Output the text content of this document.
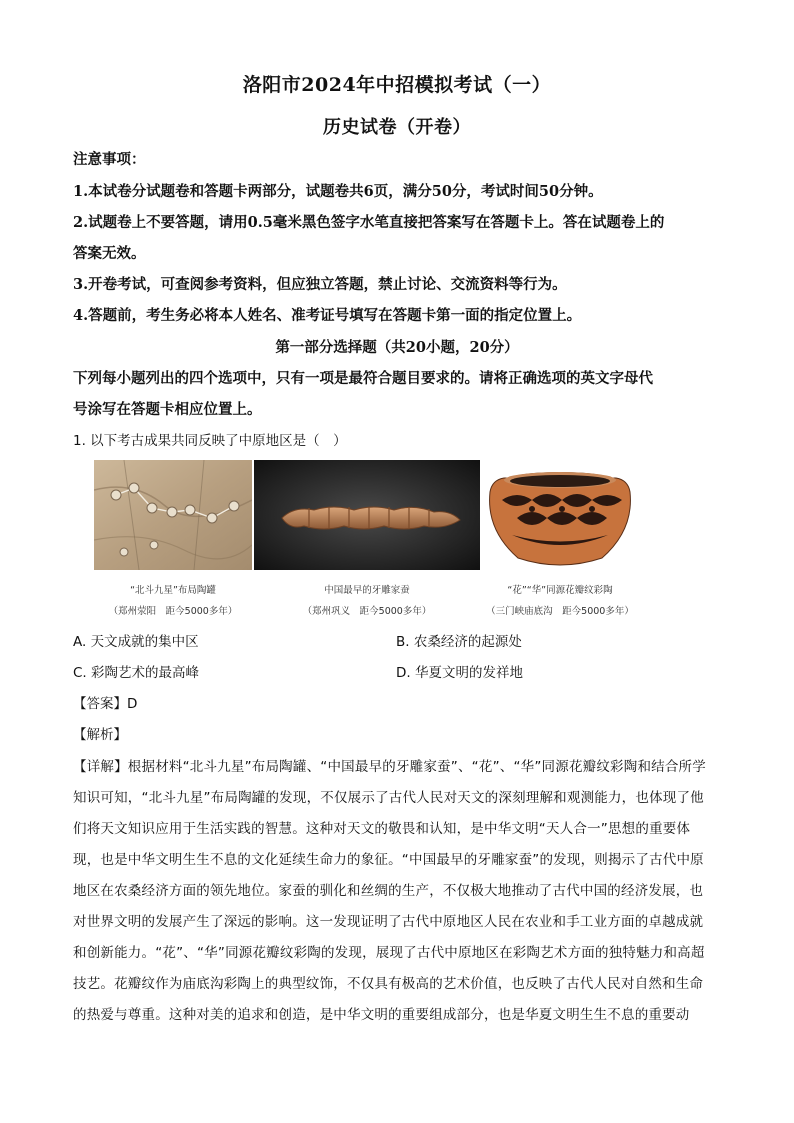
洛阳市2024年中招模拟考试（一）
历史试卷（开卷）
注意事项：
1.本试卷分试题卷和答题卡两部分，试题卷共6页，满分50分，考试时间50分钟。
2.试题卷上不要答题，请用0.5毫米黑色签字水笔直接把答案写在答题卡上。答在试题卷上的
答案无效。
3.开卷考试，可查阅参考资料，但应独立答题，禁止讨论、交流资料等行为。
4.答题前，考生务必将本人姓名、准考证号填写在答题卡第一面的指定位置上。
第一部分选择题（共20小题，20分）
下列每小题列出的四个选项中，只有一项是最符合题目要求的。请将正确选项的英文字母代
号涂写在答题卡相应位置上。
1. 以下考古成果共同反映了中原地区是（　）
“北斗九星”布局陶罐
（郑州荥阳　距今5000多年）
中国最早的牙雕家蚕
（郑州巩义　距今5000多年）
“花”“华”同源花瓣纹彩陶
（三门峡庙底沟　距今5000多年）
A. 天文成就的集中区	B. 农桑经济的起源处
C. 彩陶艺术的最高峰	D. 华夏文明的发祥地
【答案】D
【解析】
【详解】根据材料“北斗九星”布局陶罐、“中国最早的牙雕家蚕”、“花”、“华”同源花瓣纹彩陶和结合所学
知识可知，“北斗九星”布局陶罐的发现，不仅展示了古代人民对天文的深刻理解和观测能力，也体现了他
们将天文知识应用于生活实践的智慧。这种对天文的敬畏和认知，是中华文明“天人合一”思想的重要体
现，也是中华文明生生不息的文化延续生命力的象征。“中国最早的牙雕家蚕”的发现，则揭示了古代中原
地区在农桑经济方面的领先地位。家蚕的驯化和丝绸的生产，不仅极大地推动了古代中国的经济发展，也
对世界文明的发展产生了深远的影响。这一发现证明了古代中原地区人民在农业和手工业方面的卓越成就
和创新能力。“花”、“华”同源花瓣纹彩陶的发现，展现了古代中原地区在彩陶艺术方面的独特魅力和高超
技艺。花瓣纹作为庙底沟彩陶上的典型纹饰，不仅具有极高的艺术价值，也反映了古代人民对自然和生命
的热爱与尊重。这种对美的追求和创造，是中华文明的重要组成部分，也是华夏文明生生不息的重要动
